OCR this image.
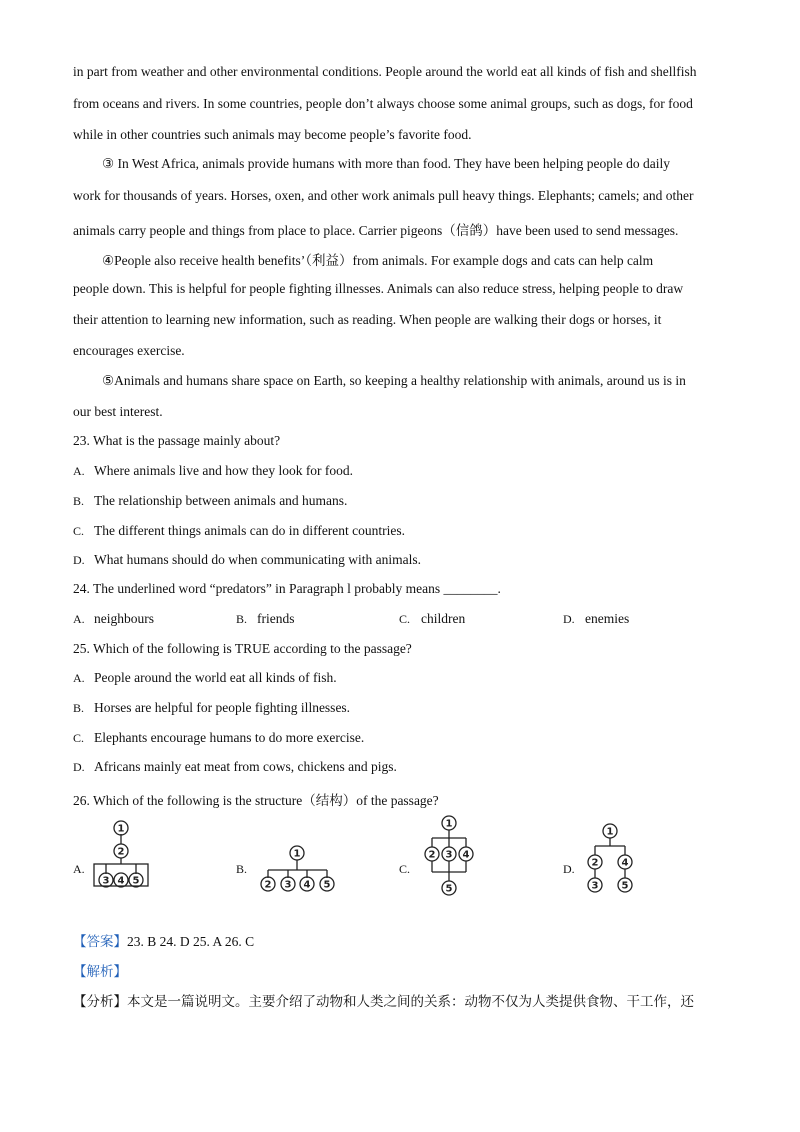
in part from weather and other environmental conditions. People around the world eat all kinds of fish and shellfish
from oceans and rivers. In some countries, people don’t always choose some animal groups, such as dogs, for food
while in other countries such animals may become people’s favorite food.
③ In West Africa, animals provide humans with more than food. They have been helping people do daily
work for thousands of years. Horses, oxen, and other work animals pull heavy things. Elephants; camels; and other
animals carry people and things from place to place. Carrier pigeons（信鸽）have been used to send messages.
④People also receive health benefits’（利益）from animals. For example dogs and cats can help calm
people down. This is helpful for people fighting illnesses. Animals can also reduce stress, helping people to draw
their attention to learning new information, such as reading. When people are walking their dogs or horses, it
encourages exercise.
⑤Animals and humans share space on Earth, so keeping a healthy relationship with animals, around us is in
our best interest.
23. What is the passage mainly about?
A. Where animals live and how they look for food.
B. The relationship between animals and humans.
C. The different things animals can do in different countries.
D. What humans should do when communicating with animals.
24. The underlined word “predators” in Paragraph l probably means ________.
A. neighbours	B. friends	C. children	D. enemies
25. Which of the following is TRUE according to the passage?
A. People around the world eat all kinds of fish.
B. Horses are helpful for people fighting illnesses.
C. Elephants encourage humans to do more exercise.
D. Africans mainly eat meat from cows, chickens and pigs.
26. Which of the following is the structure（结构）of the passage?
A.	B.	C.	D.
1
2
3 4 5
1
2 3 4 5
1
2 3 4
5
1
2 4
3 5
【答案】23. B 24. D 25. A 26. C
【解析】
【分析】本文是一篇说明文。主要介绍了动物和人类之间的关系：动物不仅为人类提供食物、干工作，还
